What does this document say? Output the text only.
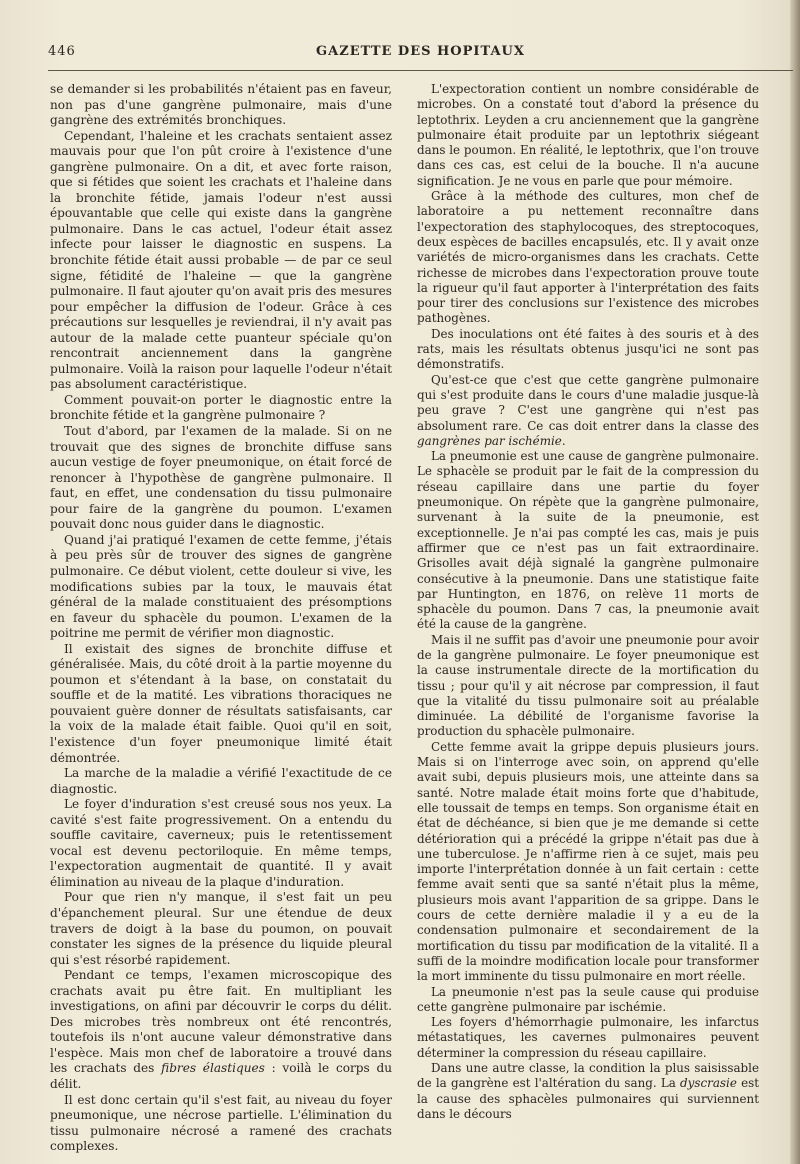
446	GAZETTE DES HOPITAUX

se demander si les probabilités n'étaient pas en faveur, non pas d'une gangrène pulmonaire, mais d'une gangrène des extrémités bronchiques.

Cependant, l'haleine et les crachats sentaient assez mauvais pour que l'on pût croire à l'existence d'une gangrène pulmonaire. On a dit, et avec forte raison, que si fétides que soient les crachats et l'haleine dans la bronchite fétide, jamais l'odeur n'est aussi épouvantable que celle qui existe dans la gangrène pulmonaire. Dans le cas actuel, l'odeur était assez infecte pour laisser le diagnostic en suspens. La bronchite fétide était aussi probable — de par ce seul signe, fétidité de l'haleine — que la gangrène pulmonaire. Il faut ajouter qu'on avait pris des mesures pour empêcher la diffusion de l'odeur. Grâce à ces précautions sur lesquelles je reviendrai, il n'y avait pas autour de la malade cette puanteur spéciale qu'on rencontrait anciennement dans la gangrène pulmonaire. Voilà la raison pour laquelle l'odeur n'était pas absolument caractéristique.

Comment pouvait-on porter le diagnostic entre la bronchite fétide et la gangrène pulmonaire ?

Tout d'abord, par l'examen de la malade. Si on ne trouvait que des signes de bronchite diffuse sans aucun vestige de foyer pneumonique, on était forcé de renoncer à l'hypothèse de gangrène pulmonaire. Il faut, en effet, une condensation du tissu pulmonaire pour faire de la gangrène du poumon. L'examen pouvait donc nous guider dans le diagnostic.

Quand j'ai pratiqué l'examen de cette femme, j'étais à peu près sûr de trouver des signes de gangrène pulmonaire. Ce début violent, cette douleur si vive, les modifications subies par la toux, le mauvais état général de la malade constituaient des présomptions en faveur du sphacèle du poumon. L'examen de la poitrine me permit de vérifier mon diagnostic.

Il existait des signes de bronchite diffuse et généralisée. Mais, du côté droit à la partie moyenne du poumon et s'étendant à la base, on constatait du souffle et de la matité. Les vibrations thoraciques ne pouvaient guère donner de résultats satisfaisants, car la voix de la malade était faible. Quoi qu'il en soit, l'existence d'un foyer pneumonique limité était démontrée.

La marche de la maladie a vérifié l'exactitude de ce diagnostic.

Le foyer d'induration s'est creusé sous nos yeux. La cavité s'est faite progressivement. On a entendu du souffle cavitaire, caverneux; puis le retentissement vocal est devenu pectoriloquie. En même temps, l'expectoration augmentait de quantité. Il y avait élimination au niveau de la plaque d'induration.

Pour que rien n'y manque, il s'est fait un peu d'épanchement pleural. Sur une étendue de deux travers de doigt à la base du poumon, on pouvait constater les signes de la présence du liquide pleural qui s'est résorbé rapidement.

Pendant ce temps, l'examen microscopique des crachats avait pu être fait. En multipliant les investigations, on afini par découvrir le corps du délit. Des microbes très nombreux ont été rencontrés, toutefois ils n'ont aucune valeur démonstrative dans l'espèce. Mais mon chef de laboratoire a trouvé dans les crachats des fibres élastiques : voilà le corps du délit.

Il est donc certain qu'il s'est fait, au niveau du foyer pneumonique, une nécrose partielle. L'élimination du tissu pulmonaire nécrosé a ramené des crachats complexes.

L'expectoration contient un nombre considérable de microbes. On a constaté tout d'abord la présence du leptothrix. Leyden a cru anciennement que la gangrène pulmonaire était produite par un leptothrix siégeant dans le poumon. En réalité, le leptothrix, que l'on trouve dans ces cas, est celui de la bouche. Il n'a aucune signification. Je ne vous en parle que pour mémoire.

Grâce à la méthode des cultures, mon chef de laboratoire a pu nettement reconnaître dans l'expectoration des staphylocoques, des streptocoques, deux espèces de bacilles encapsulés, etc. Il y avait onze variétés de micro-organismes dans les crachats. Cette richesse de microbes dans l'expectoration prouve toute la rigueur qu'il faut apporter à l'interprétation des faits pour tirer des conclusions sur l'existence des microbes pathogènes.

Des inoculations ont été faites à des souris et à des rats, mais les résultats obtenus jusqu'ici ne sont pas démonstratifs.

Qu'est-ce que c'est que cette gangrène pulmonaire qui s'est produite dans le cours d'une maladie jusque-là peu grave ? C'est une gangrène qui n'est pas absolument rare. Ce cas doit entrer dans la classe des gangrènes par ischémie.

La pneumonie est une cause de gangrène pulmonaire. Le sphacèle se produit par le fait de la compression du réseau capillaire dans une partie du foyer pneumonique. On répète que la gangrène pulmonaire, survenant à la suite de la pneumonie, est exceptionnelle. Je n'ai pas compté les cas, mais je puis affirmer que ce n'est pas un fait extraordinaire. Grisolles avait déjà signalé la gangrène pulmonaire consécutive à la pneumonie. Dans une statistique faite par Huntington, en 1876, on relève 11 morts de sphacèle du poumon. Dans 7 cas, la pneumonie avait été la cause de la gangrène.

Mais il ne suffit pas d'avoir une pneumonie pour avoir de la gangrène pulmonaire. Le foyer pneumonique est la cause instrumentale directe de la mortification du tissu ; pour qu'il y ait nécrose par compression, il faut que la vitalité du tissu pulmonaire soit au préalable diminuée. La débilité de l'organisme favorise la production du sphacèle pulmonaire.

Cette femme avait la grippe depuis plusieurs jours. Mais si on l'interroge avec soin, on apprend qu'elle avait subi, depuis plusieurs mois, une atteinte dans sa santé. Notre malade était moins forte que d'habitude, elle toussait de temps en temps. Son organisme était en état de déchéance, si bien que je me demande si cette détérioration qui a précédé la grippe n'était pas due à une tuberculose. Je n'affirme rien à ce sujet, mais peu importe l'interprétation donnée à un fait certain : cette femme avait senti que sa santé n'était plus la même, plusieurs mois avant l'apparition de sa grippe. Dans le cours de cette dernière maladie il y a eu de la condensation pulmonaire et secondairement de la mortification du tissu par modification de la vitalité. Il a suffi de la moindre modification locale pour transformer la mort imminente du tissu pulmonaire en mort réelle.

La pneumonie n'est pas la seule cause qui produise cette gangrène pulmonaire par ischémie.

Les foyers d'hémorrhagie pulmonaire, les infarctus métastatiques, les cavernes pulmonaires peuvent déterminer la compression du réseau capillaire.

Dans une autre classe, la condition la plus saisissable de la gangrène est l'altération du sang. La dyscrasie est la cause des sphacèles pulmonaires qui surviennent dans le décours
